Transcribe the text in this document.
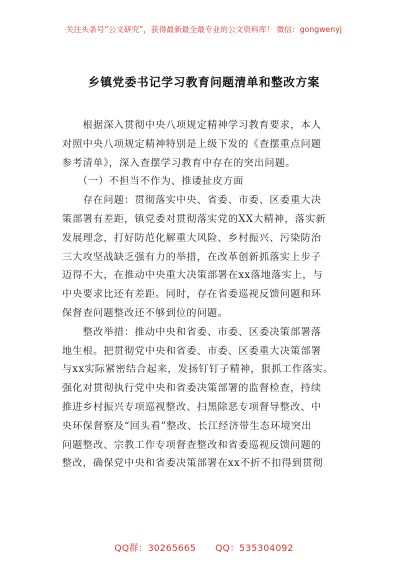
关注头条号“公文研究”，获得最新最全最专业的公文资料库！ 微信：gongwenyj
乡镇党委书记学习教育问题清单和整改方案
　　根据深入贯彻中央八项规定精神学习教育要求，本人
对照中央八项规定精神特别是上级下发的《查摆重点问题
参考清单》，深入查摆学习教育中存在的突出问题。
　　（一）不担当不作为、推诿扯皮方面
　　存在问题：贯彻落实中央、省委、市委、区委重大决
策部署有差距，镇党委对贯彻落实党的XX大精神，落实新
发展理念，打好防范化解重大风险、乡村振兴、污染防治
三大攻坚战缺乏强有力的举措，在改革创新抓落实上步子
迈得不大，在推动中央重大决策部署在xx落地落实上，与
中央要求比还有差距。同时，存在省委巡视反馈问题和环
保督查问题整改还不够到位的问题。
　　整改举措：推动中央和省委、市委、区委决策部署落
地生根。把贯彻党中央和省委、市委、区委重大决策部署
与xx实际紧密结合起来，发扬钉钉子精神，狠抓工作落实。
强化对贯彻执行党中央和省委决策部署的监督检查，持续
推进乡村振兴专项巡视整改、扫黑除恶专项督导整改、中
央环保督察及“回头看”整改、长江经济带生态环境突出
问题整改、宗教工作专项督查整改和省委巡视反馈问题的
整改，确保党中央和省委决策部署在xx不折不扣得到贯彻
QQ群：30265665 QQ：535304092
